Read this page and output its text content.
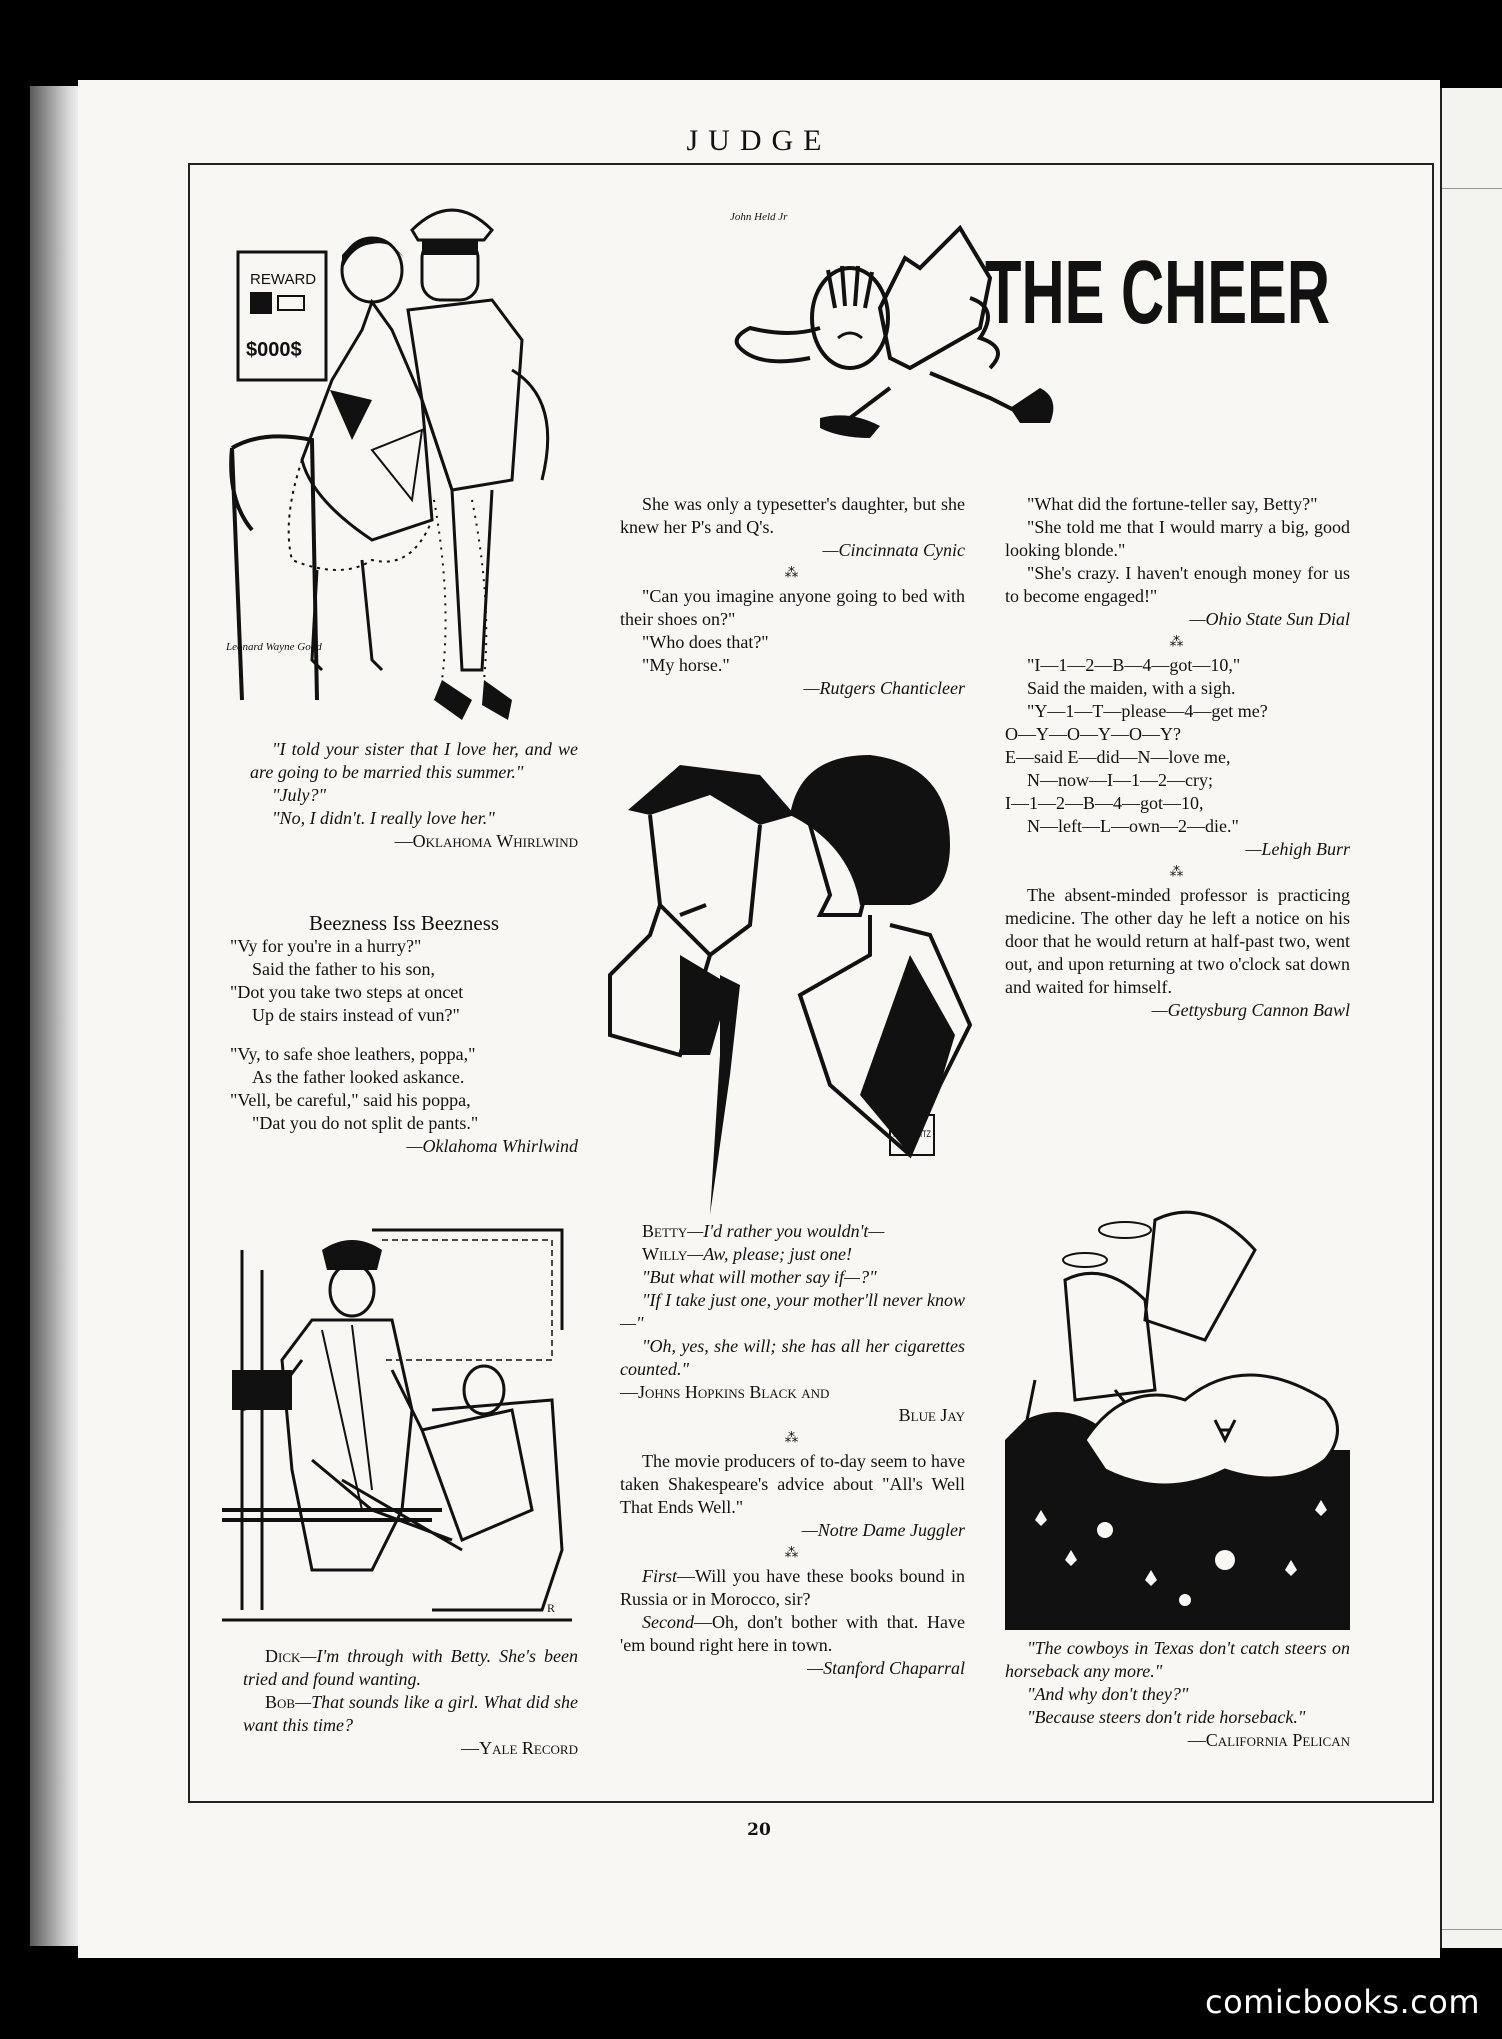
JUDGE
20
comicbooks.com
REWARD
$000$
Leonard Wayne Good
John Held Jr
THE CHEER
RUTH KITZ
R

"I told your sister that I love her, and we are going to be married this summer."

"July?"

"No, I didn't. I really love her."

—Oklahoma Whirlwind

Beezness Iss Beezness

"Vy for you're in a hurry?"

Said the father to his son,

"Dot you take two steps at oncet

Up de stairs instead of vun?"

"Vy, to safe shoe leathers, poppa,"

As the father looked askance.

"Vell, be careful," said his poppa,

"Dat you do not split de pants."

—Oklahoma Whirlwind

Dick—I'm through with Betty. She's been tried and found wanting.

Bob—That sounds like a girl. What did she want this time?

—Yale Record

She was only a typesetter's daughter, but she knew her P's and Q's.

—Cincinnata Cynic

⁂

"Can you imagine anyone going to bed with their shoes on?"

"Who does that?"

"My horse."

—Rutgers Chanticleer

Betty—I'd rather you wouldn't—

Willy—Aw, please; just one!

"But what will mother say if—?"

"If I take just one, your mother'll never know—"

"Oh, yes, she will; she has all her cigarettes counted."

—Johns Hopkins Black and

Blue Jay

⁂

The movie producers of to-day seem to have taken Shakespeare's advice about "All's Well That Ends Well."

—Notre Dame Juggler

⁂

First—Will you have these books bound in Russia or in Morocco, sir?

Second—Oh, don't bother with that. Have 'em bound right here in town.

—Stanford Chaparral

"What did the fortune-teller say, Betty?"

"She told me that I would marry a big, good looking blonde."

"She's crazy. I haven't enough money for us to become engaged!"

—Ohio State Sun Dial

⁂

"I—1—2—B—4—got—10,"

Said the maiden, with a sigh.

"Y—1—T—please—4—get me?

O—Y—O—Y—O—Y?

E—said E—did—N—love me,

N—now—I—1—2—cry;

I—1—2—B—4—got—10,

N—left—L—own—2—die."

—Lehigh Burr

⁂

The absent-minded professor is practicing medicine. The other day he left a notice on his door that he would return at half-past two, went out, and upon returning at two o'clock sat down and waited for himself.

—Gettysburg Cannon Bawl

"The cowboys in Texas don't catch steers on horseback any more."

"And why don't they?"

"Because steers don't ride horseback."

—California Pelican
